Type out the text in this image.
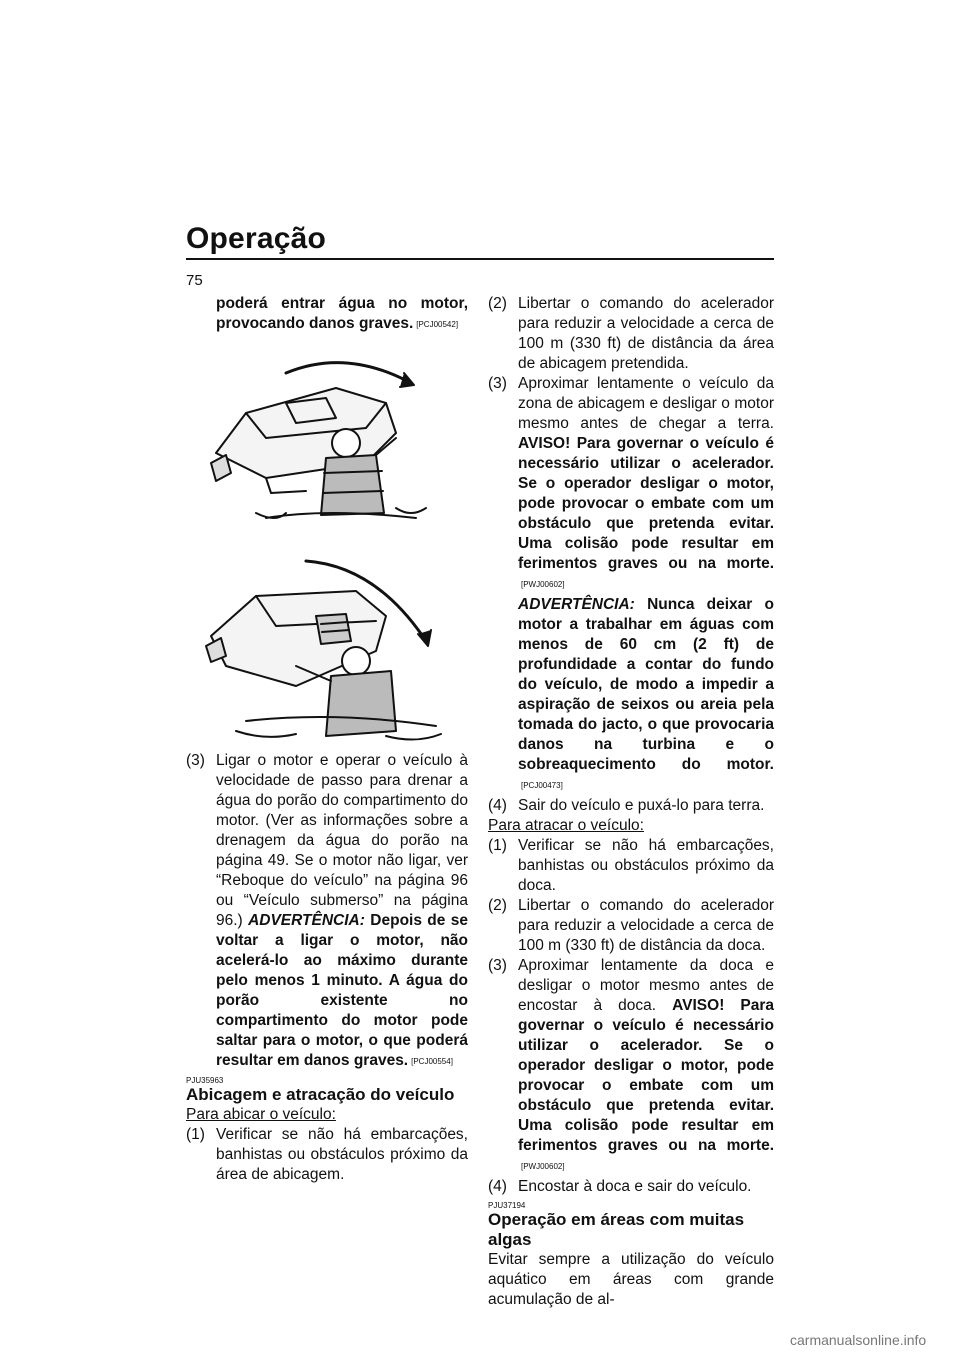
Operação
75
poderá entrar água no motor, provocando danos graves. [PCJ00542]
(3) Ligar o motor e operar o veículo à velocidade de passo para drenar a água do porão do compartimento do motor. (Ver as informações sobre a drenagem da água do porão na página 49. Se o motor não ligar, ver “Reboque do veículo” na página 96 ou “Veículo submerso” na página 96.) ADVERTÊNCIA: Depois de se voltar a ligar o motor, não acelerá-lo ao máximo durante pelo menos 1 minuto. A água do porão existente no compartimento do motor pode saltar para o motor, o que poderá resultar em danos graves. [PCJ00554]
PJU35963
Abicagem e atracação do veículo
Para abicar o veículo:
(1) Verificar se não há embarcações, banhistas ou obstáculos próximo da área de abicagem.
(2) Libertar o comando do acelerador para reduzir a velocidade a cerca de 100 m (330 ft) de distância da área de abicagem pretendida.
(3) Aproximar lentamente o veículo da zona de abicagem e desligar o motor mesmo antes de chegar a terra. AVISO! Para governar o veículo é necessário utilizar o acelerador. Se o operador desligar o motor, pode provocar o embate com um obstáculo que pretenda evitar. Uma colisão pode resultar em ferimentos graves ou na morte.[PWJ00602]
ADVERTÊNCIA: Nunca deixar o motor a trabalhar em águas com menos de 60 cm (2 ft) de profundidade a contar do fundo do veículo, de modo a impedir a aspiração de seixos ou areia pela tomada do jacto, o que provocaria danos na turbina e o sobreaquecimento do motor.[PCJ00473]
(4) Sair do veículo e puxá-lo para terra.
Para atracar o veículo:
(1) Verificar se não há embarcações, banhistas ou obstáculos próximo da doca.
(2) Libertar o comando do acelerador para reduzir a velocidade a cerca de 100 m (330 ft) de distância da doca.
(3) Aproximar lentamente da doca e desligar o motor mesmo antes de encostar à doca. AVISO! Para governar o veículo é necessário utilizar o acelerador. Se o operador desligar o motor, pode provocar o embate com um obstáculo que pretenda evitar. Uma colisão pode resultar em ferimentos graves ou na morte.[PWJ00602]
(4) Encostar à doca e sair do veículo.
PJU37194
Operação em áreas com muitas algas
Evitar sempre a utilização do veículo aquático em áreas com grande acumulação de al-
carmanualsonline.info
